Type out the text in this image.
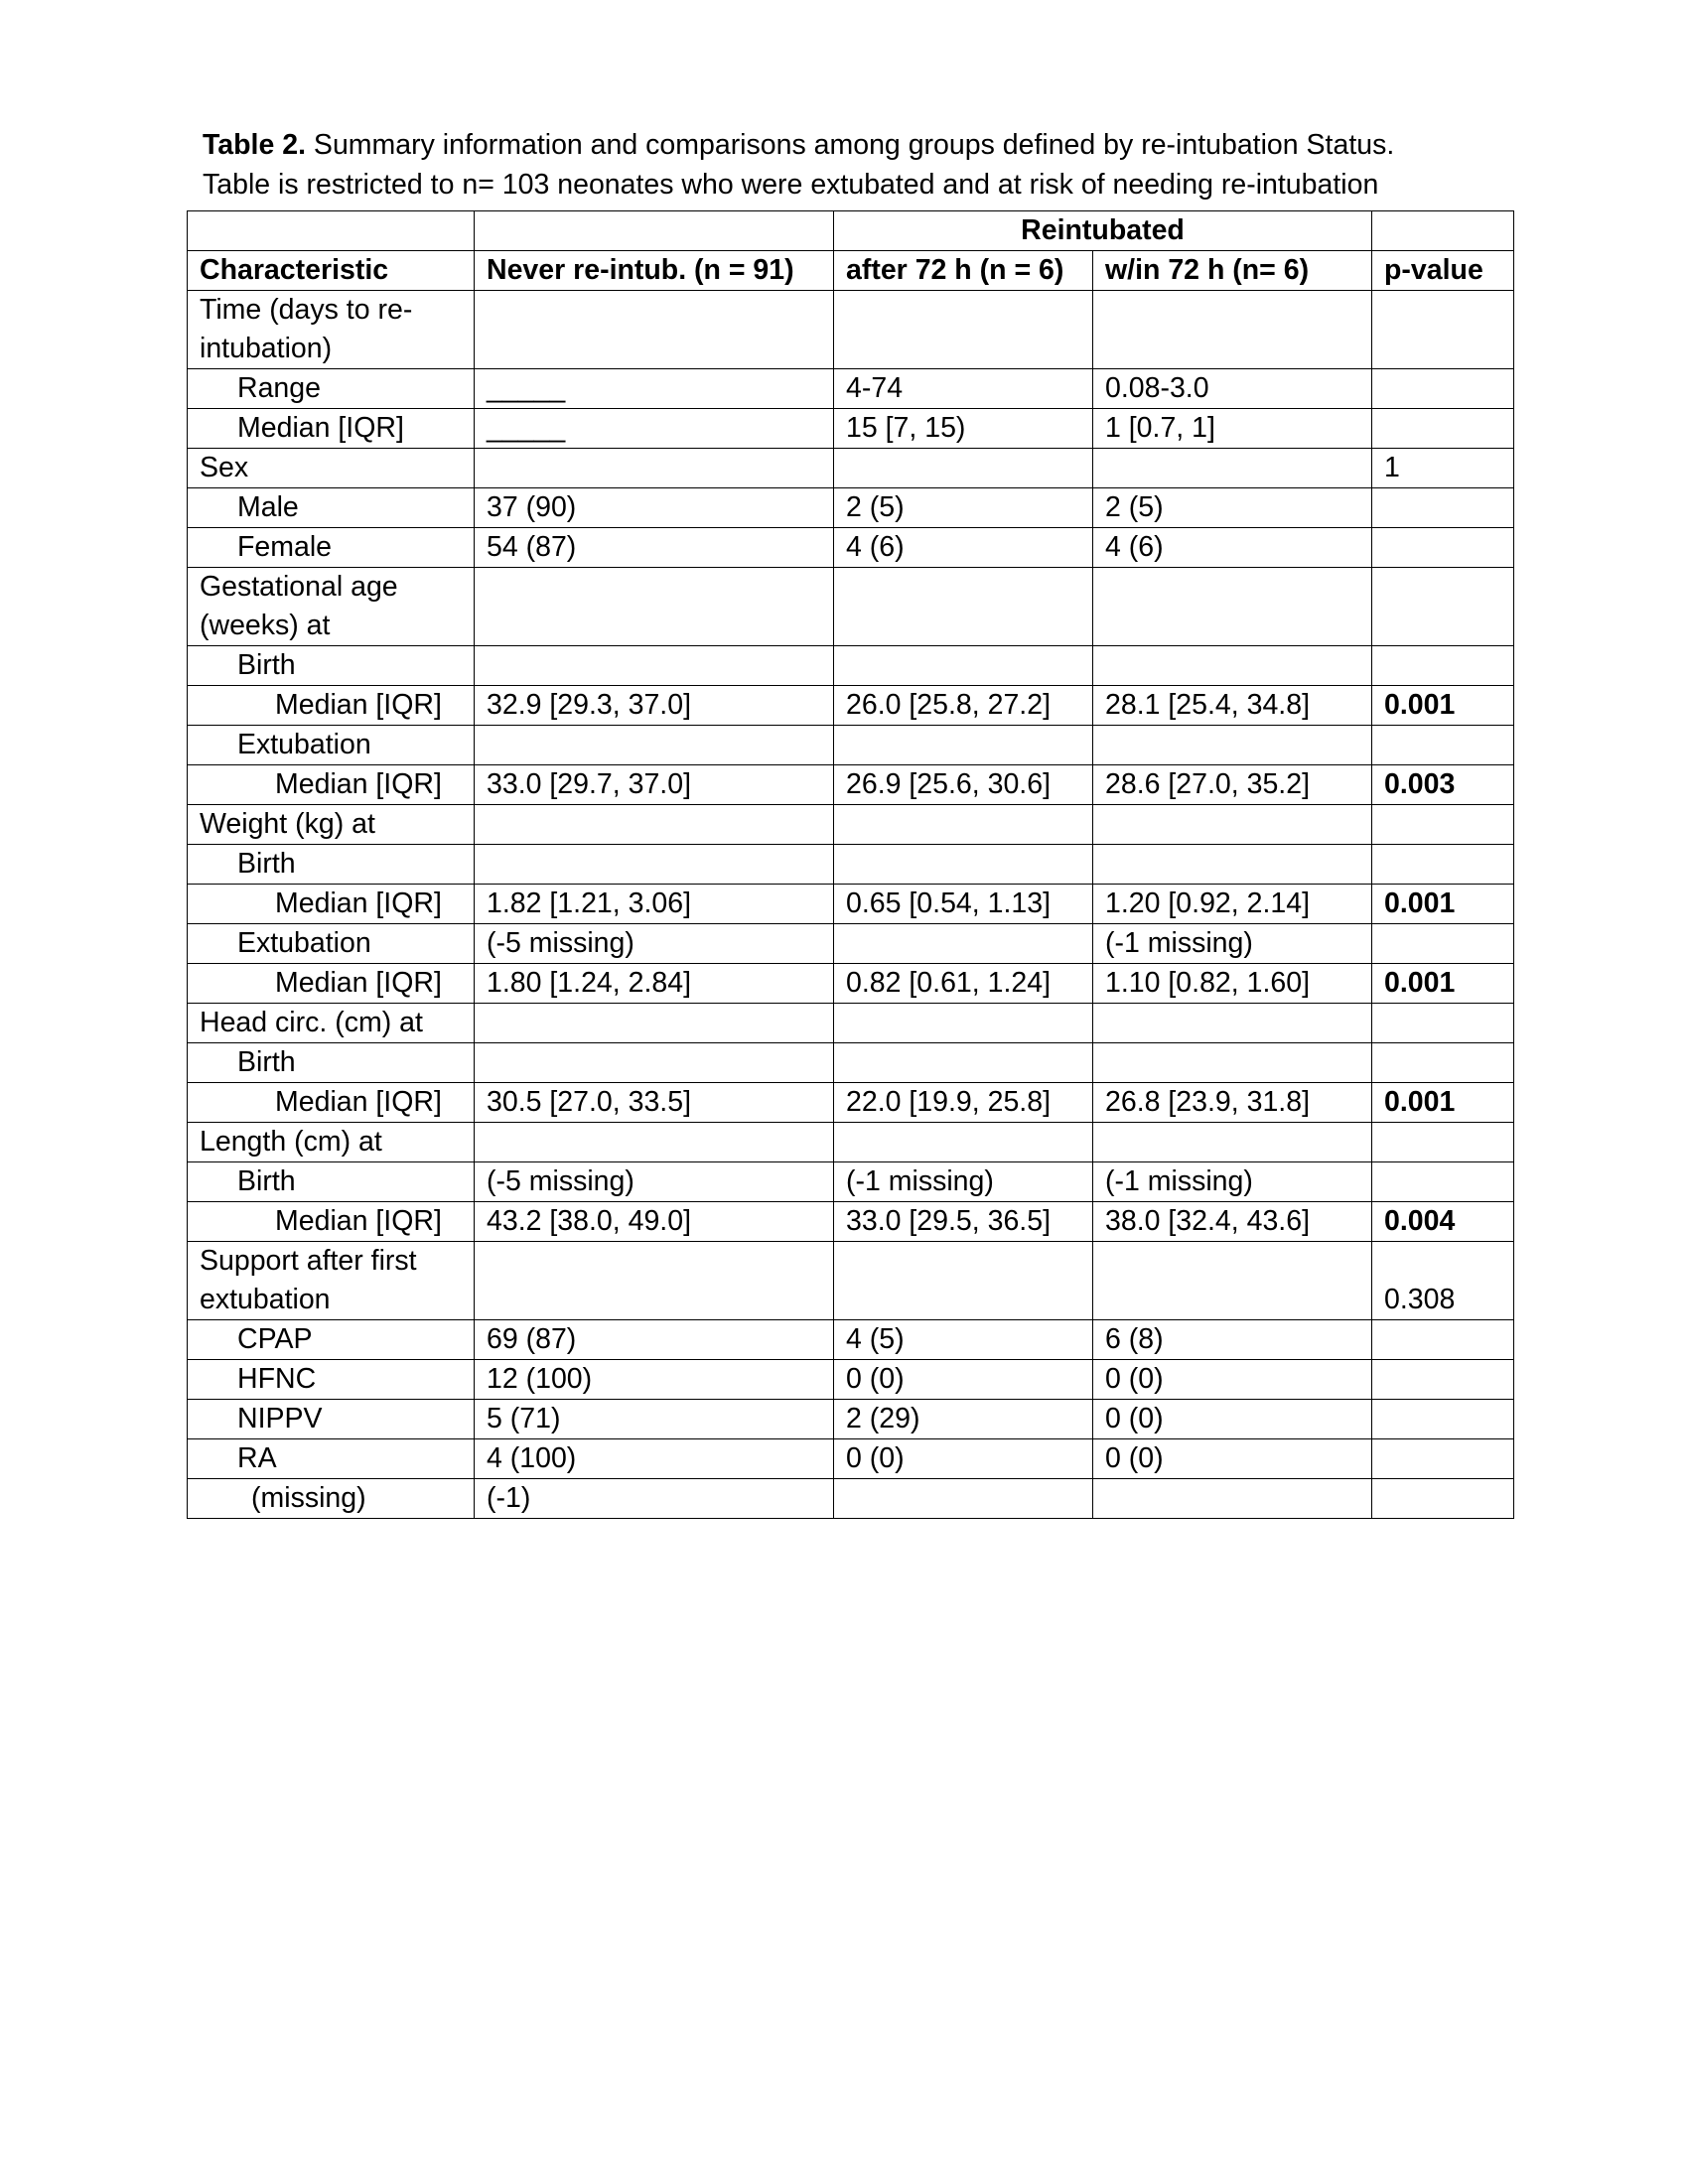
Table 2. Summary information and comparisons among groups defined by re-intubation Status.
Table is restricted to n= 103 neonates who were extubated and at risk of needing re-intubation
		Reintubated		
Characteristic	Never re-intub. (n = 91)	after 72 h (n = 6)	w/in 72 h (n= 6)	p-value
Time (days to re-intubation)				
Range	_____	4-74	0.08-3.0	
Median [IQR]	_____	15 [7, 15)	1 [0.7, 1]	
Sex				1
Male	37 (90)	2 (5)	2 (5)	
Female	54 (87)	4 (6)	4 (6)	
Gestational age (weeks) at				
Birth				
Median [IQR]	32.9 [29.3, 37.0]	26.0 [25.8, 27.2]	28.1 [25.4, 34.8]	0.001
Extubation				
Median [IQR]	33.0 [29.7, 37.0]	26.9 [25.6, 30.6]	28.6 [27.0, 35.2]	0.003
Weight (kg) at				
Birth				
Median [IQR]	1.82 [1.21, 3.06]	0.65 [0.54, 1.13]	1.20 [0.92, 2.14]	0.001
Extubation	(-5 missing)		(-1 missing)	
Median [IQR]	1.80 [1.24, 2.84]	0.82 [0.61, 1.24]	1.10 [0.82, 1.60]	0.001
Head circ. (cm) at				
Birth				
Median [IQR]	30.5 [27.0, 33.5]	22.0 [19.9, 25.8]	26.8 [23.9, 31.8]	0.001
Length (cm) at				
Birth	(-5 missing)	(-1 missing)	(-1 missing)	
Median [IQR]	43.2 [38.0, 49.0]	33.0 [29.5, 36.5]	38.0 [32.4, 43.6]	0.004
Support after first extubation				0.308
CPAP	69 (87)	4 (5)	6 (8)	
HFNC	12 (100)	0 (0)	0 (0)	
NIPPV	5 (71)	2 (29)	0 (0)	
RA	4 (100)	0 (0)	0 (0)	
(missing)	(-1)			
